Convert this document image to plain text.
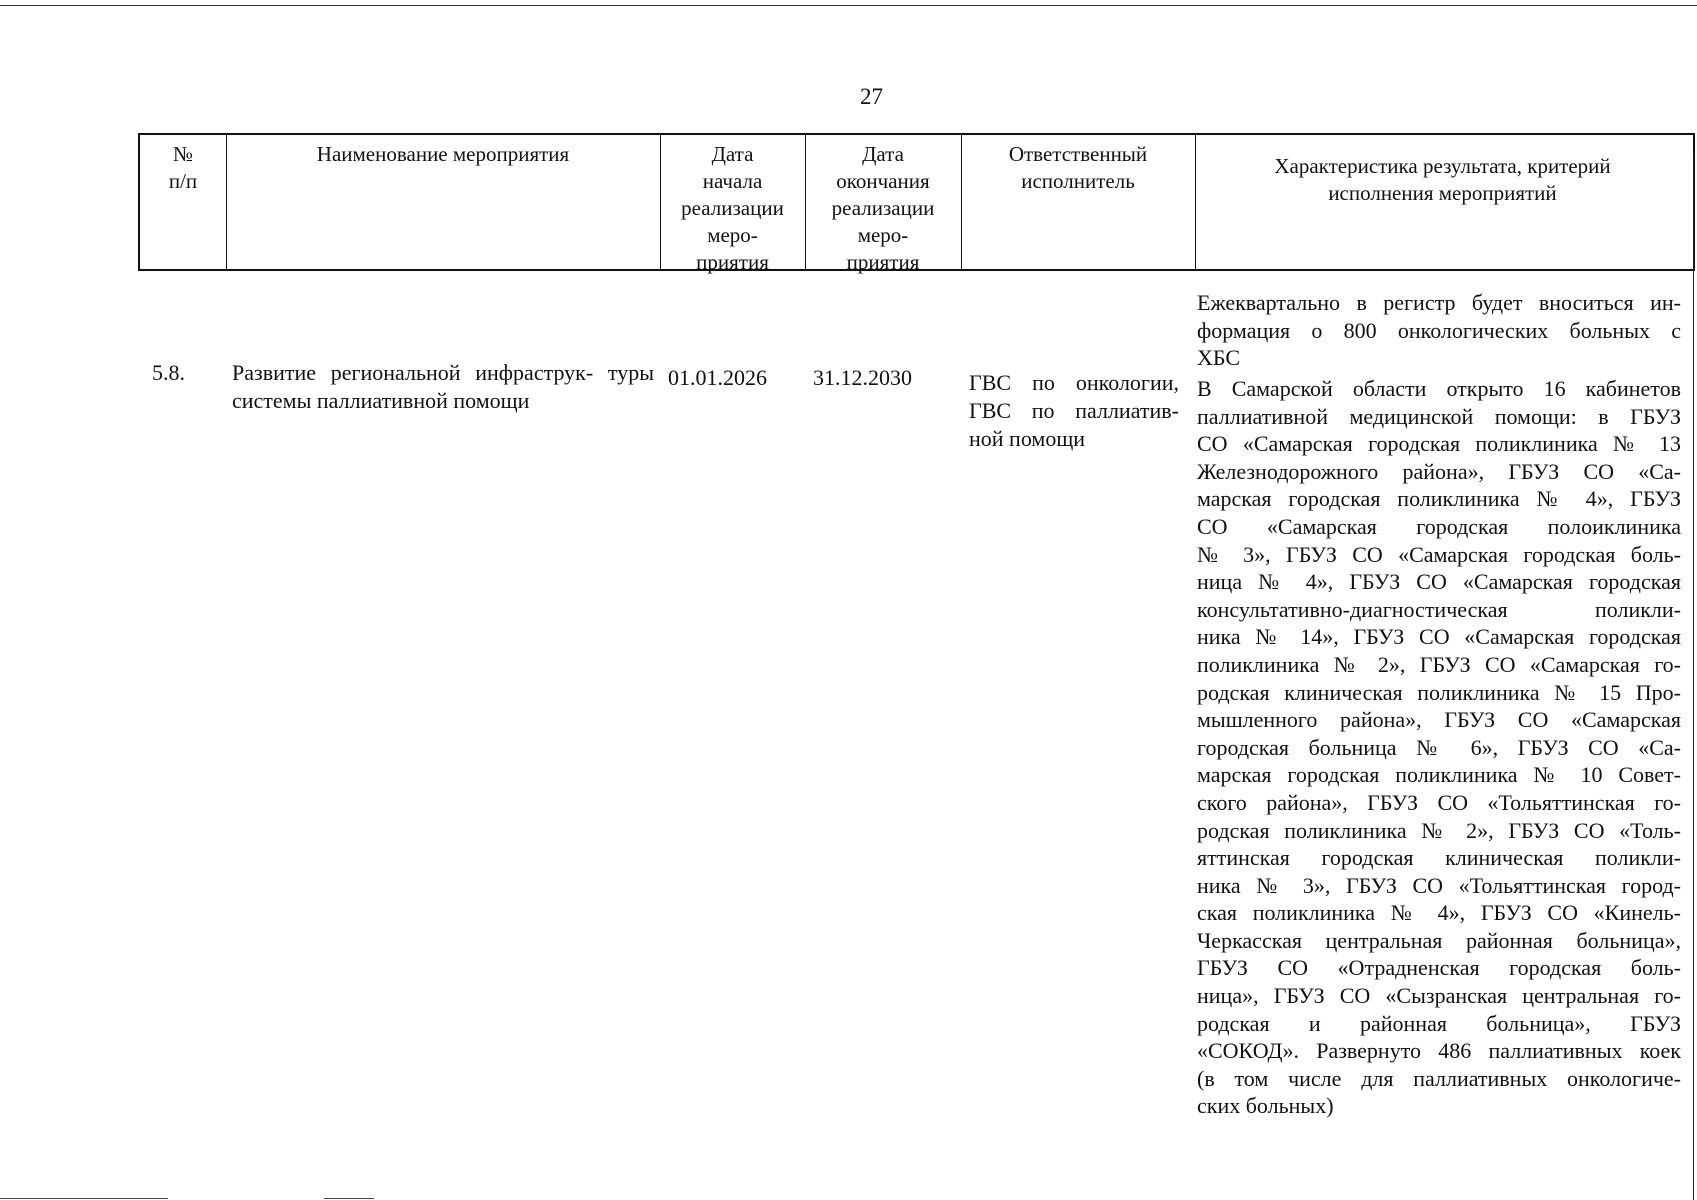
27
№
п/п
Наименование мероприятия	Дата
начала
реализации
меро-
приятия
Дата
окончания
реализации
меро-
приятия
Ответственный
исполнитель
Характеристика результата, критерий
исполнения мероприятий
Ежеквартально в регистр будет вноситься ин-
формация о 800 онкологических больных с
ХБС
5.8. Развитие региональной инфраструк- туры системы паллиативной помощи
01.01.2026 31.12.2030	ГВС по онкологии, ГВС по паллиатив- ной помощи
В Самарской области открыто 16 кабинетов
паллиативной медицинской помощи: в ГБУЗ
СО «Самарская городская поликлиника № 13
Железнодорожного района», ГБУЗ СО «Са-
марская городская поликлиника № 4», ГБУЗ
СО «Самарская городская полоиклиника
№ 3», ГБУЗ СО «Самарская городская боль-
ница № 4», ГБУЗ СО «Самарская городская
консультативно-диагностическая поликли-
ника № 14», ГБУЗ СО «Самарская городская
поликлиника № 2», ГБУЗ СО «Самарская го-
родская клиническая поликлиника № 15 Про-
мышленного района», ГБУЗ СО «Самарская
городская больница № 6», ГБУЗ СО «Са-
марская городская поликлиника № 10 Совет-
ского района», ГБУЗ СО «Тольяттинская го-
родская поликлиника № 2», ГБУЗ СО «Толь-
яттинская городская клиническая поликли-
ника № 3», ГБУЗ СО «Тольяттинская город-
ская поликлиника № 4», ГБУЗ СО «Кинель-
Черкасская центральная районная больница»,
ГБУЗ СО «Отрадненская городская боль-
ница», ГБУЗ СО «Сызранская центральная го-
родская и районная больница», ГБУЗ
«СОКОД». Развернуто 486 паллиативных коек
(в том числе для паллиативных онкологиче-
ских больных)
